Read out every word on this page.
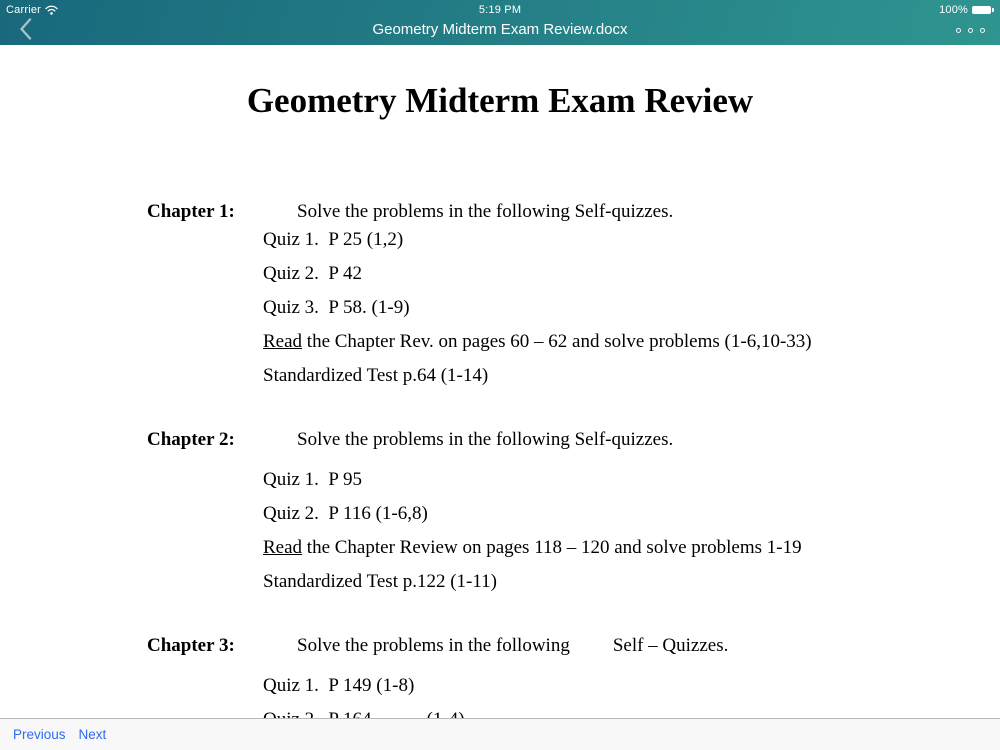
Carrier	5:19 PM	100%
Geometry Midterm Exam Review.docx
Geometry Midterm Exam Review
Chapter 1:	Solve the problems in the following Self-quizzes.
Quiz 1.  P 25 (1,2)
Quiz 2.  P 42
Quiz 3.  P 58. (1-9)
Read the Chapter Rev. on pages 60 – 62 and solve problems (1-6,10-33)
Standardized Test p.64 (1-14)
Chapter 2:	Solve the problems in the following Self-quizzes.
Quiz 1.  P 95
Quiz 2.  P 116 (1-6,8)
Read the Chapter Review on pages 118 – 120 and solve problems 1-19
Standardized Test p.122 (1-11)
Chapter 3:	Solve the problems in the following Self – Quizzes.
Quiz 1.  P 149 (1-8)
Previous Next
